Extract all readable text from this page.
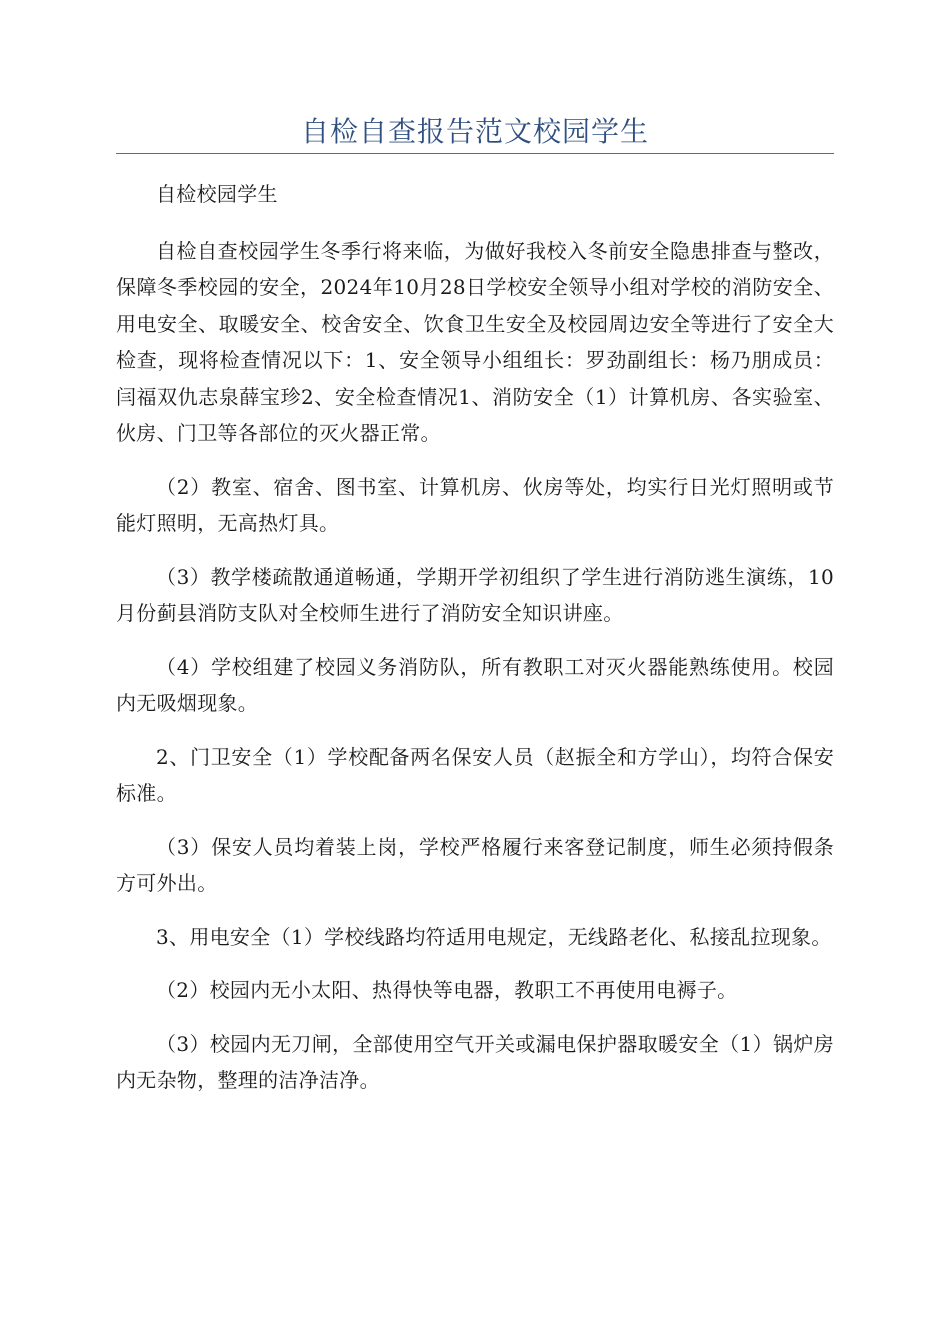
自检自查报告范文校园学生

自检校园学生

自检自查校园学生冬季行将来临，为做好我校入冬前安全隐患排查与整改，保障冬季校园的安全，2024年10月28日学校安全领导小组对学校的消防安全、用电安全、取暖安全、校舍安全、饮食卫生安全及校园周边安全等进行了安全大检查，现将检查情况以下：1、安全领导小组组长：罗劲副组长：杨乃朋成员：闫福双仇志泉薛宝珍2、安全检查情况1、消防安全（1）计算机房、各实验室、伙房、门卫等各部位的灭火器正常。

（2）教室、宿舍、图书室、计算机房、伙房等处，均实行日光灯照明或节能灯照明，无高热灯具。

（3）教学楼疏散通道畅通，学期开学初组织了学生进行消防逃生演练，10月份蓟县消防支队对全校师生进行了消防安全知识讲座。

（4）学校组建了校园义务消防队，所有教职工对灭火器能熟练使用。校园内无吸烟现象。

2、门卫安全（1）学校配备两名保安人员（赵振全和方学山），均符合保安标准。

（3）保安人员均着装上岗，学校严格履行来客登记制度，师生必须持假条方可外出。

3、用电安全（1）学校线路均符适用电规定，无线路老化、私接乱拉现象。

（2）校园内无小太阳、热得快等电器，教职工不再使用电褥子。

（3）校园内无刀闸，全部使用空气开关或漏电保护器取暖安全（1）锅炉房内无杂物，整理的洁净洁净。
